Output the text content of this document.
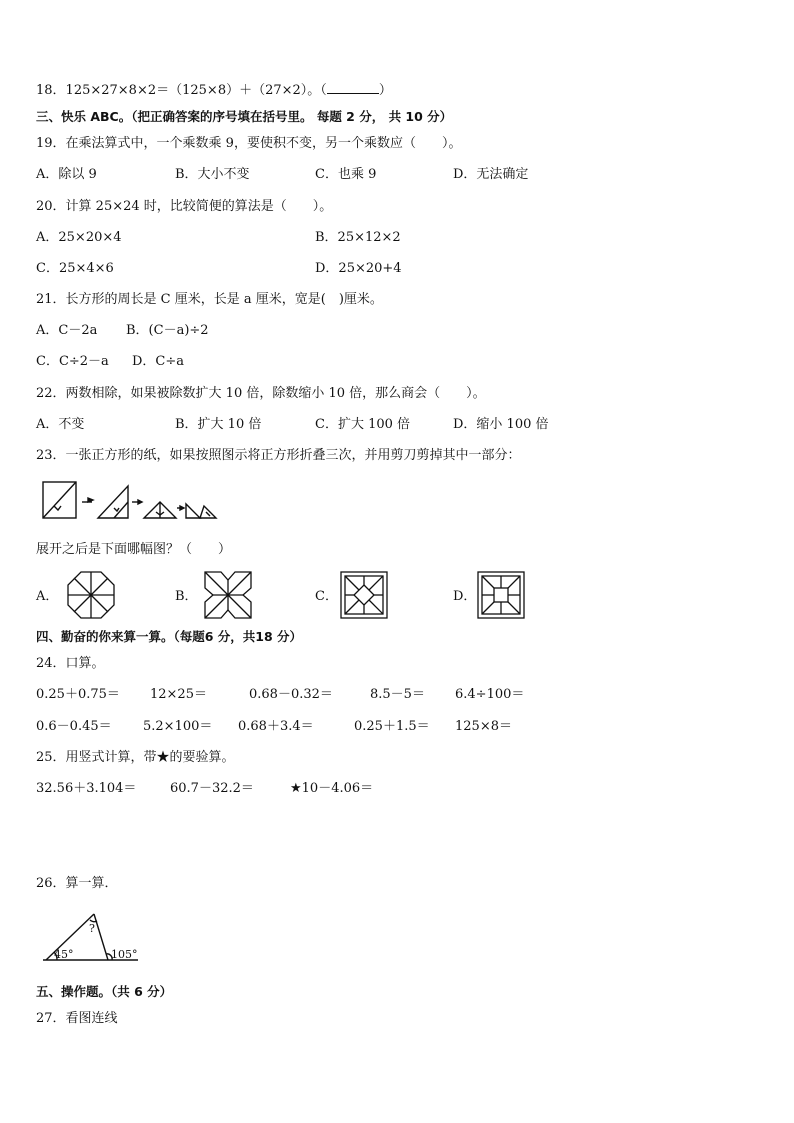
18．125×27×8×2＝（125×8）＋（27×2）。（	）
三、快乐 ABC。（把正确答案的序号填在括号里。 每题 2 分， 共 10 分）
19．在乘法算式中，一个乘数乘 9，要使积不变，另一个乘数应（　　）。
A．除以 9	B．大小不变	C．也乘 9	D．无法确定
20．计算 25×24 时，比较简便的算法是（　　）。
A．25×20×4	B．25×12×2
C．25×4×6	D．25×20+4
21．长方形的周长是 C 厘米，长是 a 厘米，宽是(　)厘米。
A．C－2a B．(C－a)÷2
C．C÷2－a D．C÷a
22．两数相除，如果被除数扩大 10 倍，除数缩小 10 倍，那么商会（　　）。
A．不变	B．扩大 10 倍	C．扩大 100 倍	D．缩小 100 倍
23．一张正方形的纸，如果按照图示将正方形折叠三次，并用剪刀剪掉其中一部分：
展开之后是下面哪幅图？（　　）
A．	B．	C．	D．
四、勤奋的你来算一算。（每题6 分，共18 分）
24．口算。
0.25＋0.75＝ 12×25＝	0.68－0.32＝	8.5－5＝ 6.4÷100＝
0.6－0.45＝ 5.2×100＝ 0.68＋3.4＝	0.25＋1.5＝ 125×8＝
25．用竖式计算，带★的要验算。
32.56＋3.104＝	60.7－32.2＝	★10－4.06＝
26．算一算．
?
45°	105°
五、操作题。（共 6 分）
27．看图连线
